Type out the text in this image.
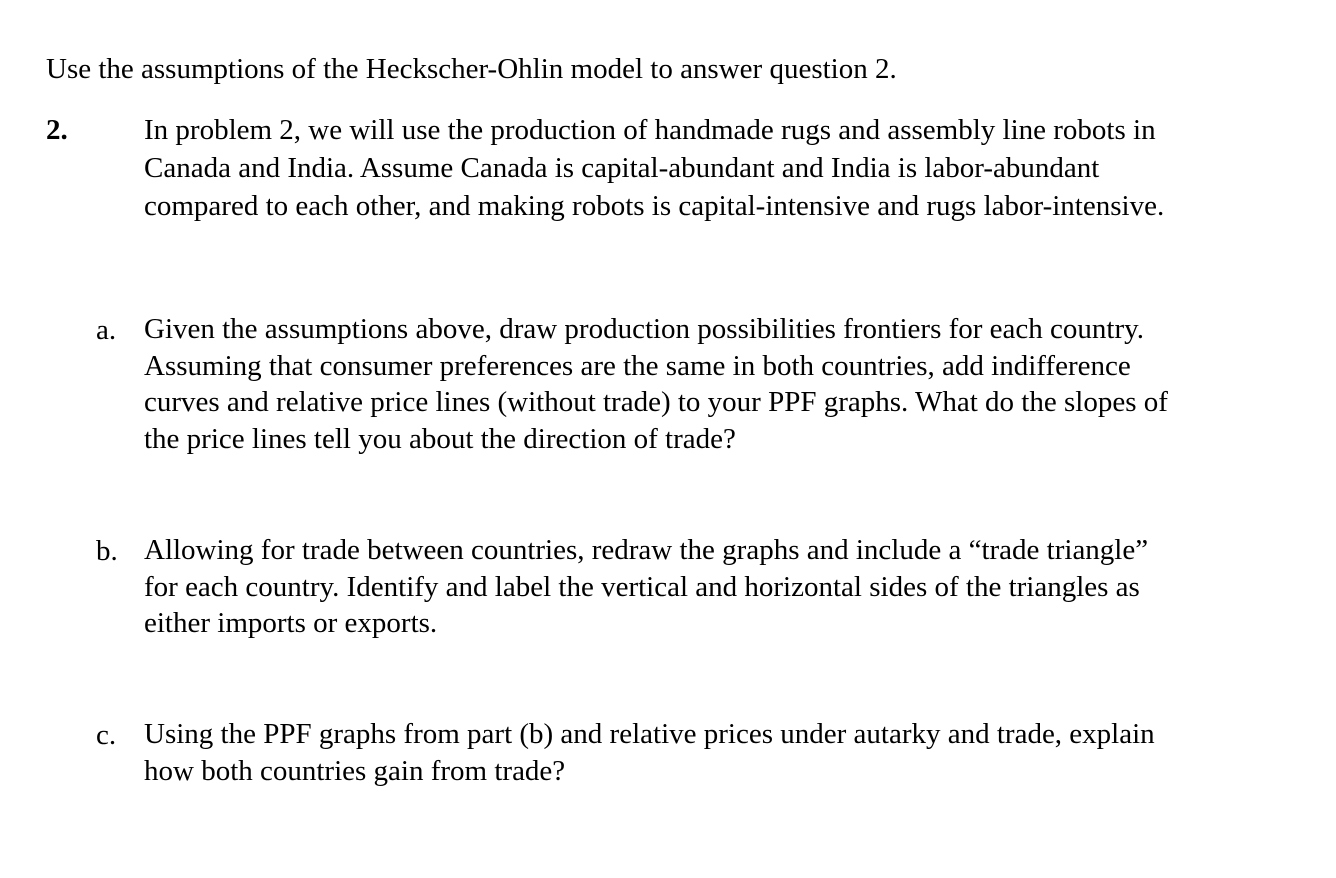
Use the assumptions of the Heckscher-Ohlin model to answer question 2.
2.	In problem 2, we will use the production of handmade rugs and assembly line robots in
Canada and India. Assume Canada is capital-abundant and India is labor-abundant
compared to each other, and making robots is capital-intensive and rugs labor-intensive.
a. Given the assumptions above, draw production possibilities frontiers for each country.
Assuming that consumer preferences are the same in both countries, add indifference
curves and relative price lines (without trade) to your PPF graphs. What do the slopes of
the price lines tell you about the direction of trade?
b. Allowing for trade between countries, redraw the graphs and include a “trade triangle”
for each country. Identify and label the vertical and horizontal sides of the triangles as
either imports or exports.
c. Using the PPF graphs from part (b) and relative prices under autarky and trade, explain
how both countries gain from trade?
